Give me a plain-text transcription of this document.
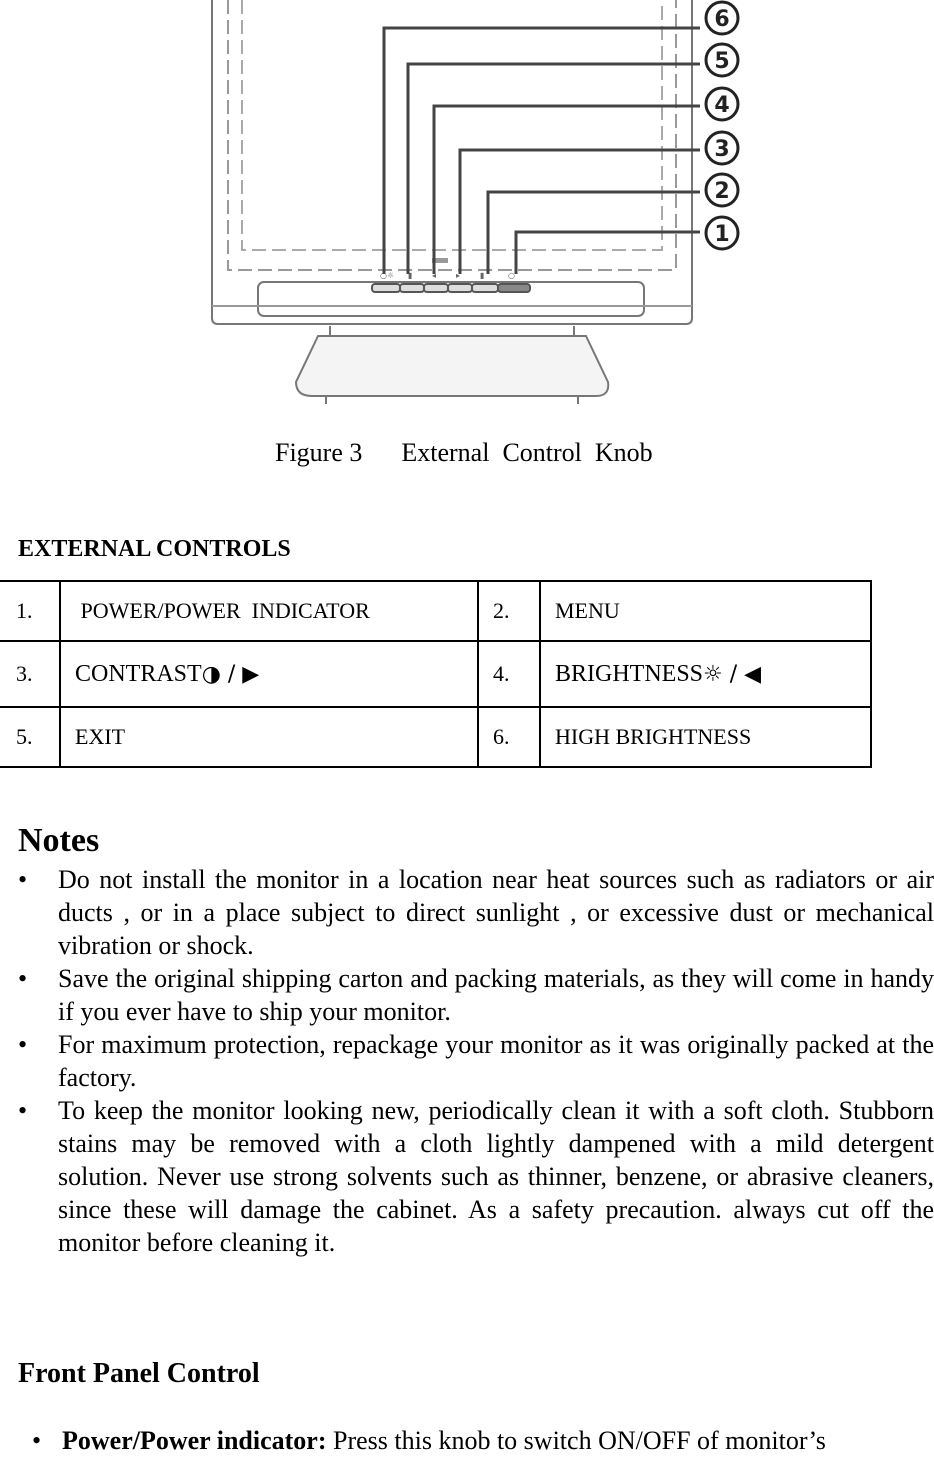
○☼ ▮ ◂ ▸ ▮	○
6
5
4
3
2
1
Figure 3      External  Control  Knob
EXTERNAL CONTROLS
1.	POWER/POWER  INDICATOR	2.	MENU
3.	CONTRAST◑ / ▶	4.	BRIGHTNESS☼ / ◀
5.	EXIT	6.	HIGH BRIGHTNESS
Notes
• Do not install the monitor in a location near heat sources such as radiators or air ducts , or in a place subject to direct sunlight , or excessive dust or mechanical vibration or shock.
• Save the original shipping carton and packing materials, as they will come in handy if you ever have to ship your monitor.
• For maximum protection, repackage your monitor as it was originally packed at the factory.
• To keep the monitor looking new, periodically clean it with a soft cloth. Stubborn stains may be removed with a cloth lightly dampened with a mild detergent solution. Never use strong solvents such as thinner, benzene, or abrasive cleaners, since these will damage the cabinet. As a safety precaution. always cut off the monitor before cleaning it.
Front Panel Control
• Power/Power indicator: Press this knob to switch ON/OFF of monitor’s
